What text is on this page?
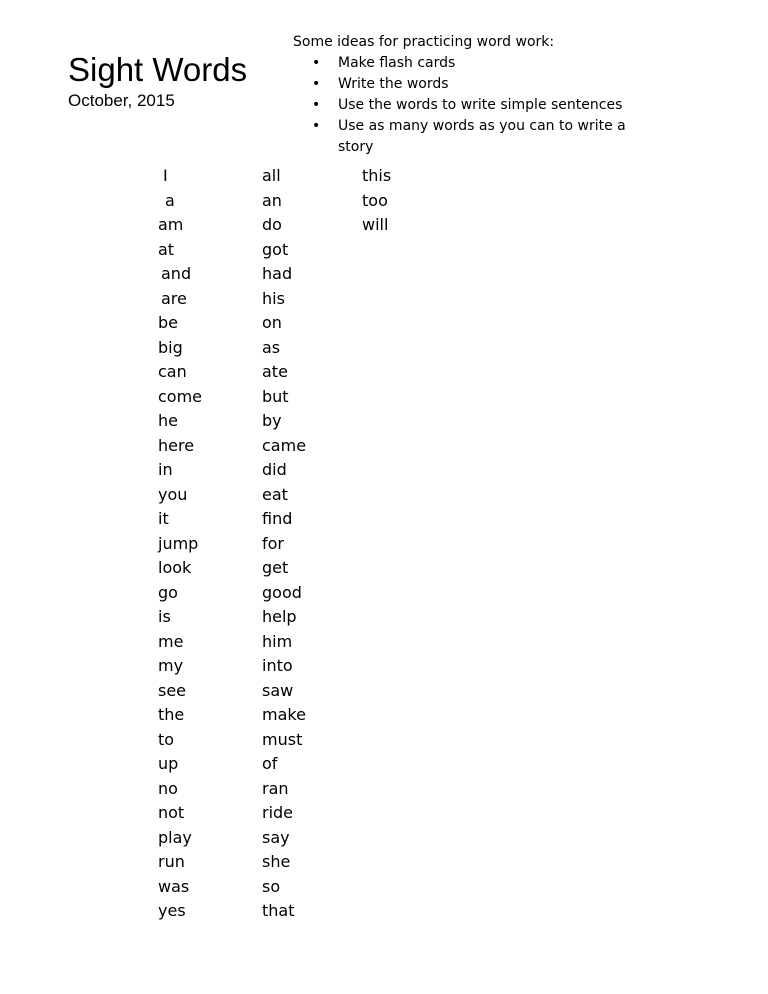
Sight Words
October, 2015
Some ideas for practicing word work:
• Make flash cards
• Write the words
• Use the words to write simple sentences
• Use as many words as you can to write a story
I
a
am
at
and
are
be
big
can
come
he
here
in
you
it
jump
look
go
is
me
my
see
the
to
up
no
not
play
run
was
yes
all
an
do
got
had
his
on
as
ate
but
by
came
did
eat
find
for
get
good
help
him
into
saw
make
must
of
ran
ride
say
she
so
that
this
too
will
